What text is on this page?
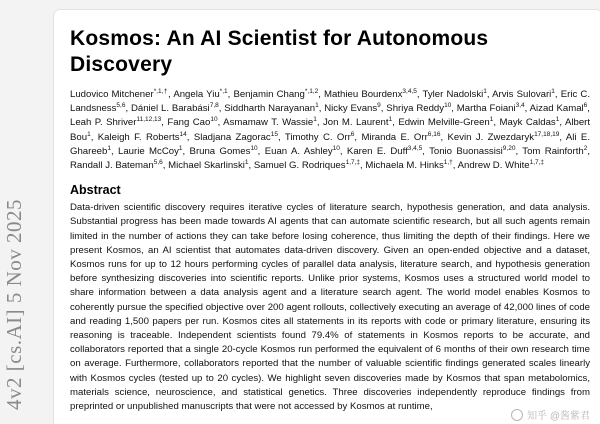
4v2 [cs.AI] 5 Nov 2025
Kosmos: An AI Scientist for Autonomous Discovery

Ludovico Mitchener$^{*,1,\dagger}$, Angela Yiu$^{*,1}$, Benjamin Chang$^{*,1,2}$, Mathieu Bourdenx$^{3,4,5}$, Tyler Nadolski$^1$, Arvis Sulovari$^1$, Eric C. Landsness$^{5,6}$, Dániel L. Barabási$^{7,8}$, Siddharth Narayanan$^1$, Nicky Evans$^9$, Shriya Reddy$^{10}$, Martha Foiani$^{3,4}$, Aizad Kamal$^6$, Leah P. Shriver$^{11,12,13}$, Fang Cao$^{10}$, Asmamaw T. Wassie$^1$, Jon M. Laurent$^1$, Edwin Melville-Green$^1$, Mayk Caldas$^1$, Albert Bou$^1$, Kaleigh F. Roberts$^{14}$, Sladjana Zagorac$^{15}$, Timothy C. Orr$^6$, Miranda E. Orr$^{6,16}$, Kevin J. Zwezdaryk$^{17,18,19}$, Ali E. Ghareeb$^1$, Laurie McCoy$^1$, Bruna Gomes$^{10}$, Euan A. Ashley$^{10}$, Karen E. Duff$^{3,4,5}$, Tonio Buonassisi$^{9,20}$, Tom Rainforth$^2$, Randall J. Bateman$^{5,6}$, Michael Skarlinski$^1$, Samuel G. Rodriques$^{1,7,\ddagger}$, Michaela M. Hinks$^{1,\dagger}$, Andrew D. White$^{1,7,\ddagger}$

Abstract

Data-driven scientific discovery requires iterative cycles of literature search, hypothesis generation, and data analysis. Substantial progress has been made towards AI agents that can automate scientific research, but all such agents remain limited in the number of actions they can take before losing coherence, thus limiting the depth of their findings. Here we present Kosmos, an AI scientist that automates data-driven discovery. Given an open-ended objective and a dataset, Kosmos runs for up to 12 hours performing cycles of parallel data analysis, literature search, and hypothesis generation before synthesizing discoveries into scientific reports. Unlike prior systems, Kosmos uses a structured world model to share information between a data analysis agent and a literature search agent. The world model enables Kosmos to coherently pursue the specified objective over 200 agent rollouts, collectively executing an average of 42,000 lines of code and reading 1,500 papers per run. Kosmos cites all statements in its reports with code or primary literature, ensuring its reasoning is traceable. Independent scientists found 79.4% of statements in Kosmos reports to be accurate, and collaborators reported that a single 20-cycle Kosmos run performed the equivalent of 6 months of their own research time on average. Furthermore, collaborators reported that the number of valuable scientific findings generated scales linearly with Kosmos cycles (tested up to 20 cycles). We highlight seven discoveries made by Kosmos that span metabolomics, materials science, neuroscience, and statistical genetics. Three discoveries independently reproduce findings from preprinted or unpublished manuscripts that were not accessed by Kosmos at runtime,

知乎 @酱紫君
